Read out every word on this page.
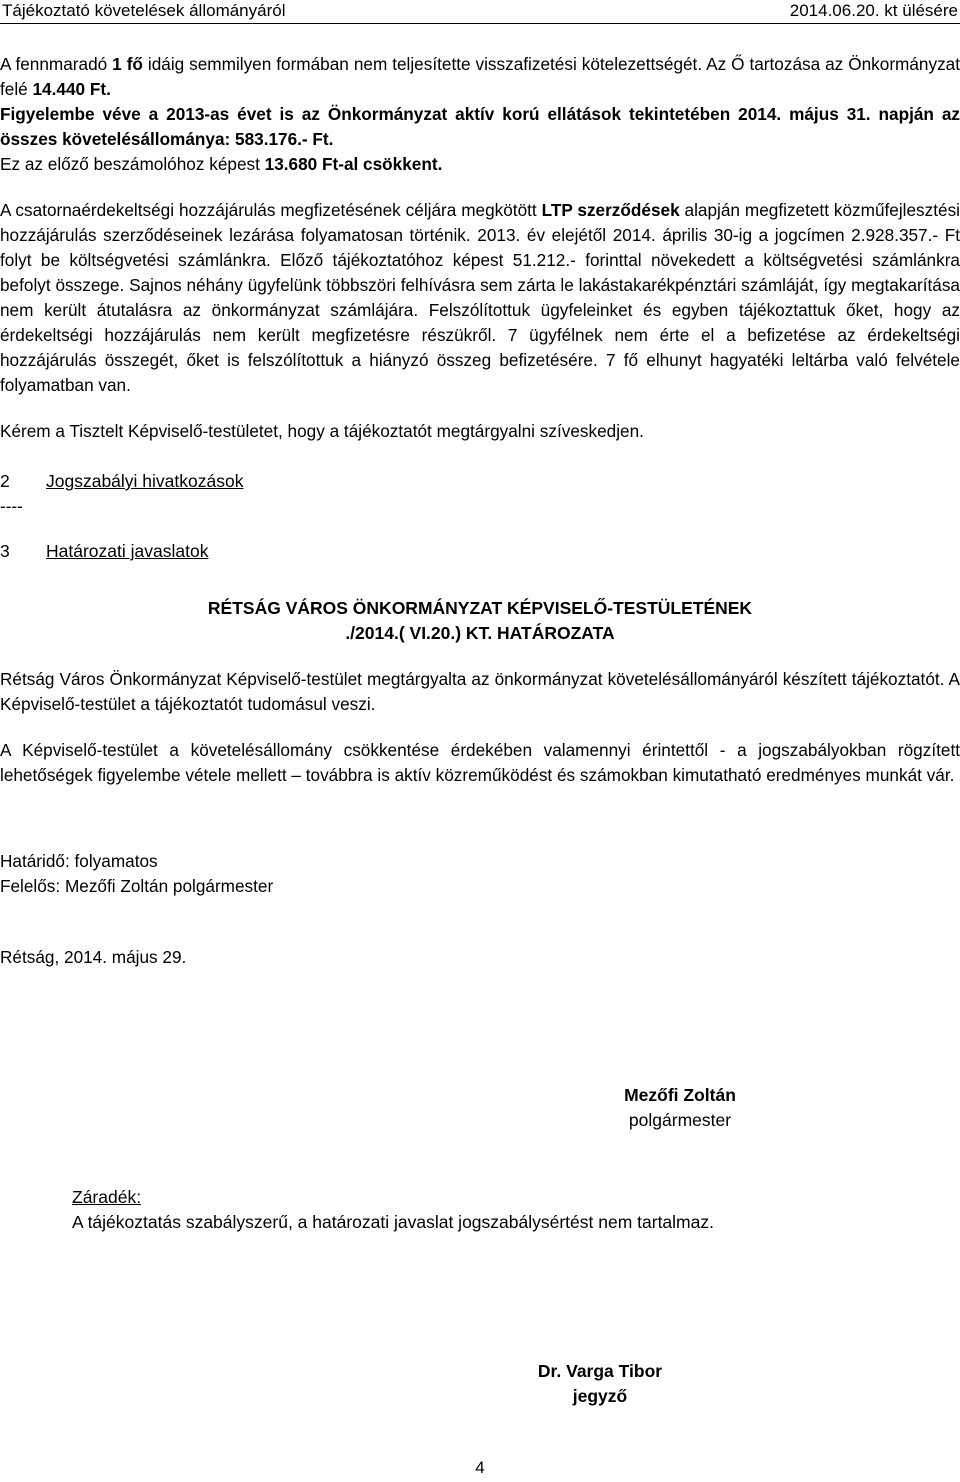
Tájékoztató követelések állományáról	2014.06.20. kt ülésére

A fennmaradó 1 fő idáig semmilyen formában nem teljesítette visszafizetési kötelezettségét. Az Ő tartozása az Önkormányzat felé 14.440 Ft.
Figyelembe véve a 2013-as évet is az Önkormányzat aktív korú ellátások tekintetében 2014. május 31. napján az összes követelésállománya: 583.176.- Ft.
Ez az előző beszámolóhoz képest 13.680 Ft-al csökkent.

A csatornaérdekeltségi hozzájárulás megfizetésének céljára megkötött LTP szerződések alapján megfizetett közműfejlesztési hozzájárulás szerződéseinek lezárása folyamatosan történik. 2013. év elejétől 2014. április 30-ig a jogcímen 2.928.357.- Ft folyt be költségvetési számlánkra. Előző tájékoztatóhoz képest 51.212.- forinttal növekedett a költségvetési számlánkra befolyt összege. Sajnos néhány ügyfelünk többszöri felhívásra sem zárta le lakástakarékpénztári számláját, így megtakarítása nem került átutalásra az önkormányzat számlájára. Felszólítottuk ügyfeleinket és egyben tájékoztattuk őket, hogy az érdekeltségi hozzájárulás nem került megfizetésre részükről. 7 ügyfélnek nem érte el a befizetése az érdekeltségi hozzájárulás összegét, őket is felszólítottuk a hiányzó összeg befizetésére. 7 fő elhunyt hagyatéki leltárba való felvétele folyamatban van.

Kérem a Tisztelt Képviselő-testületet, hogy a tájékoztatót megtárgyalni szíveskedjen.

2	Jogszabályi hivatkozások

----

3	Határozati javaslatok

RÉTSÁG VÁROS ÖNKORMÁNYZAT KÉPVISELŐ-TESTÜLETÉNEK

./2014.( VI.20.) KT. HATÁROZATA

Rétság Város Önkormányzat Képviselő-testület megtárgyalta az önkormányzat követelésállományáról készített tájékoztatót. A Képviselő-testület a tájékoztatót tudomásul veszi.

A Képviselő-testület a követelésállomány csökkentése érdekében valamennyi érintettől - a jogszabályokban rögzített lehetőségek figyelembe vétele mellett – továbbra is aktív közreműködést és számokban kimutatható eredményes munkát vár.

Határidő: folyamatos

Felelős: Mezőfi Zoltán polgármester

Rétság, 2014. május 29.

Mezőfi Zoltán
polgármester
Záradék:
A tájékoztatás szabályszerű, a határozati javaslat jogszabálysértést nem tartalmaz.
Dr. Varga Tibor
jegyző
4
